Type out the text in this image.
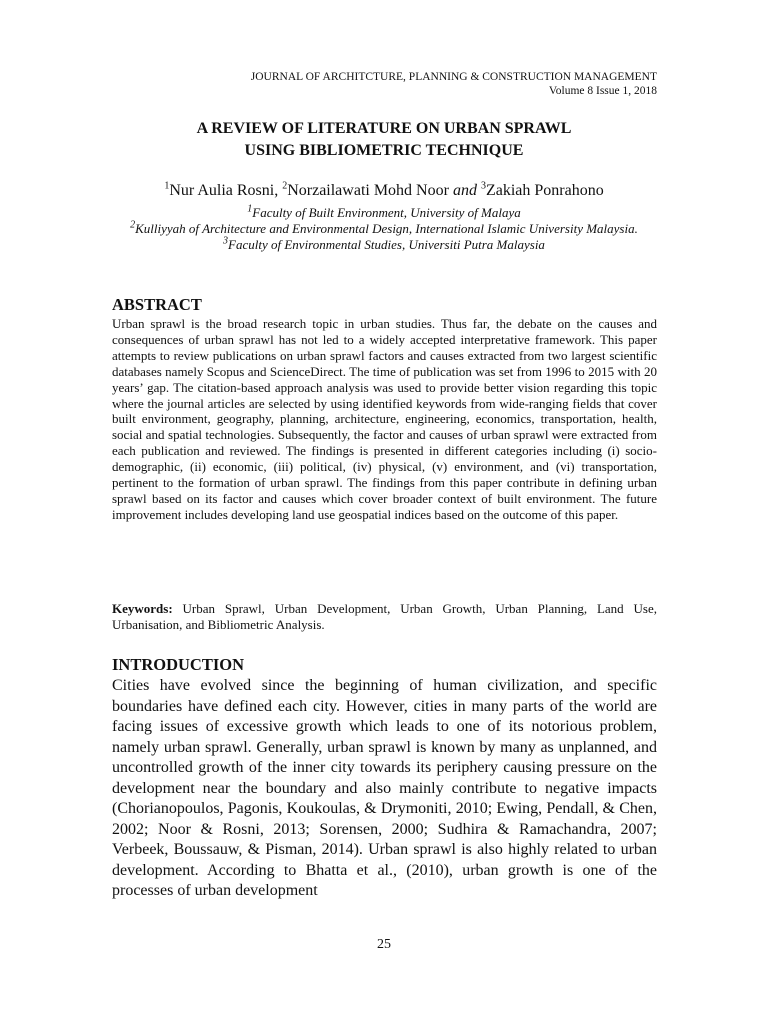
JOURNAL OF ARCHITCTURE, PLANNING & CONSTRUCTION MANAGEMENT
Volume 8 Issue 1, 2018
A REVIEW OF LITERATURE ON URBAN SPRAWL
USING BIBLIOMETRIC TECHNIQUE
$^1$Nur Aulia Rosni, $^2$Norzailawati Mohd Noor and $^3$Zakiah Ponrahono
$^1$Faculty of Built Environment, University of Malaya
$^2$Kulliyyah of Architecture and Environmental Design, International Islamic University Malaysia.
$^3$Faculty of Environmental Studies, Universiti Putra Malaysia
ABSTRACT
Urban sprawl is the broad research topic in urban studies. Thus far, the debate on the causes and consequences of urban sprawl has not led to a widely accepted interpretative framework. This paper attempts to review publications on urban sprawl factors and causes extracted from two largest scientific databases namely Scopus and ScienceDirect. The time of publication was set from 1996 to 2015 with 20 years’ gap. The citation-based approach analysis was used to provide better vision regarding this topic where the journal articles are selected by using identified keywords from wide-ranging fields that cover built environment, geography, planning, architecture, engineering, economics, transportation, health, social and spatial technologies. Subsequently, the factor and causes of urban sprawl were extracted from each publication and reviewed. The findings is presented in different categories including (i) socio-demographic, (ii) economic, (iii) political, (iv) physical, (v) environment, and (vi) transportation, pertinent to the formation of urban sprawl. The findings from this paper contribute in defining urban sprawl based on its factor and causes which cover broader context of built environment. The future improvement includes developing land use geospatial indices based on the outcome of this paper.
Keywords: Urban Sprawl, Urban Development, Urban Growth, Urban Planning, Land Use, Urbanisation, and Bibliometric Analysis.
INTRODUCTION
Cities have evolved since the beginning of human civilization, and specific boundaries have defined each city. However, cities in many parts of the world are facing issues of excessive growth which leads to one of its notorious problem, namely urban sprawl. Generally, urban sprawl is known by many as unplanned, and uncontrolled growth of the inner city towards its periphery causing pressure on the development near the boundary and also mainly contribute to negative impacts (Chorianopoulos, Pagonis, Koukoulas, & Drymoniti, 2010; Ewing, Pendall, & Chen, 2002; Noor & Rosni, 2013; Sorensen, 2000; Sudhira & Ramachandra, 2007; Verbeek, Boussauw, & Pisman, 2014). Urban sprawl is also highly related to urban development. According to Bhatta et al., (2010), urban growth is one of the processes of urban development
25
